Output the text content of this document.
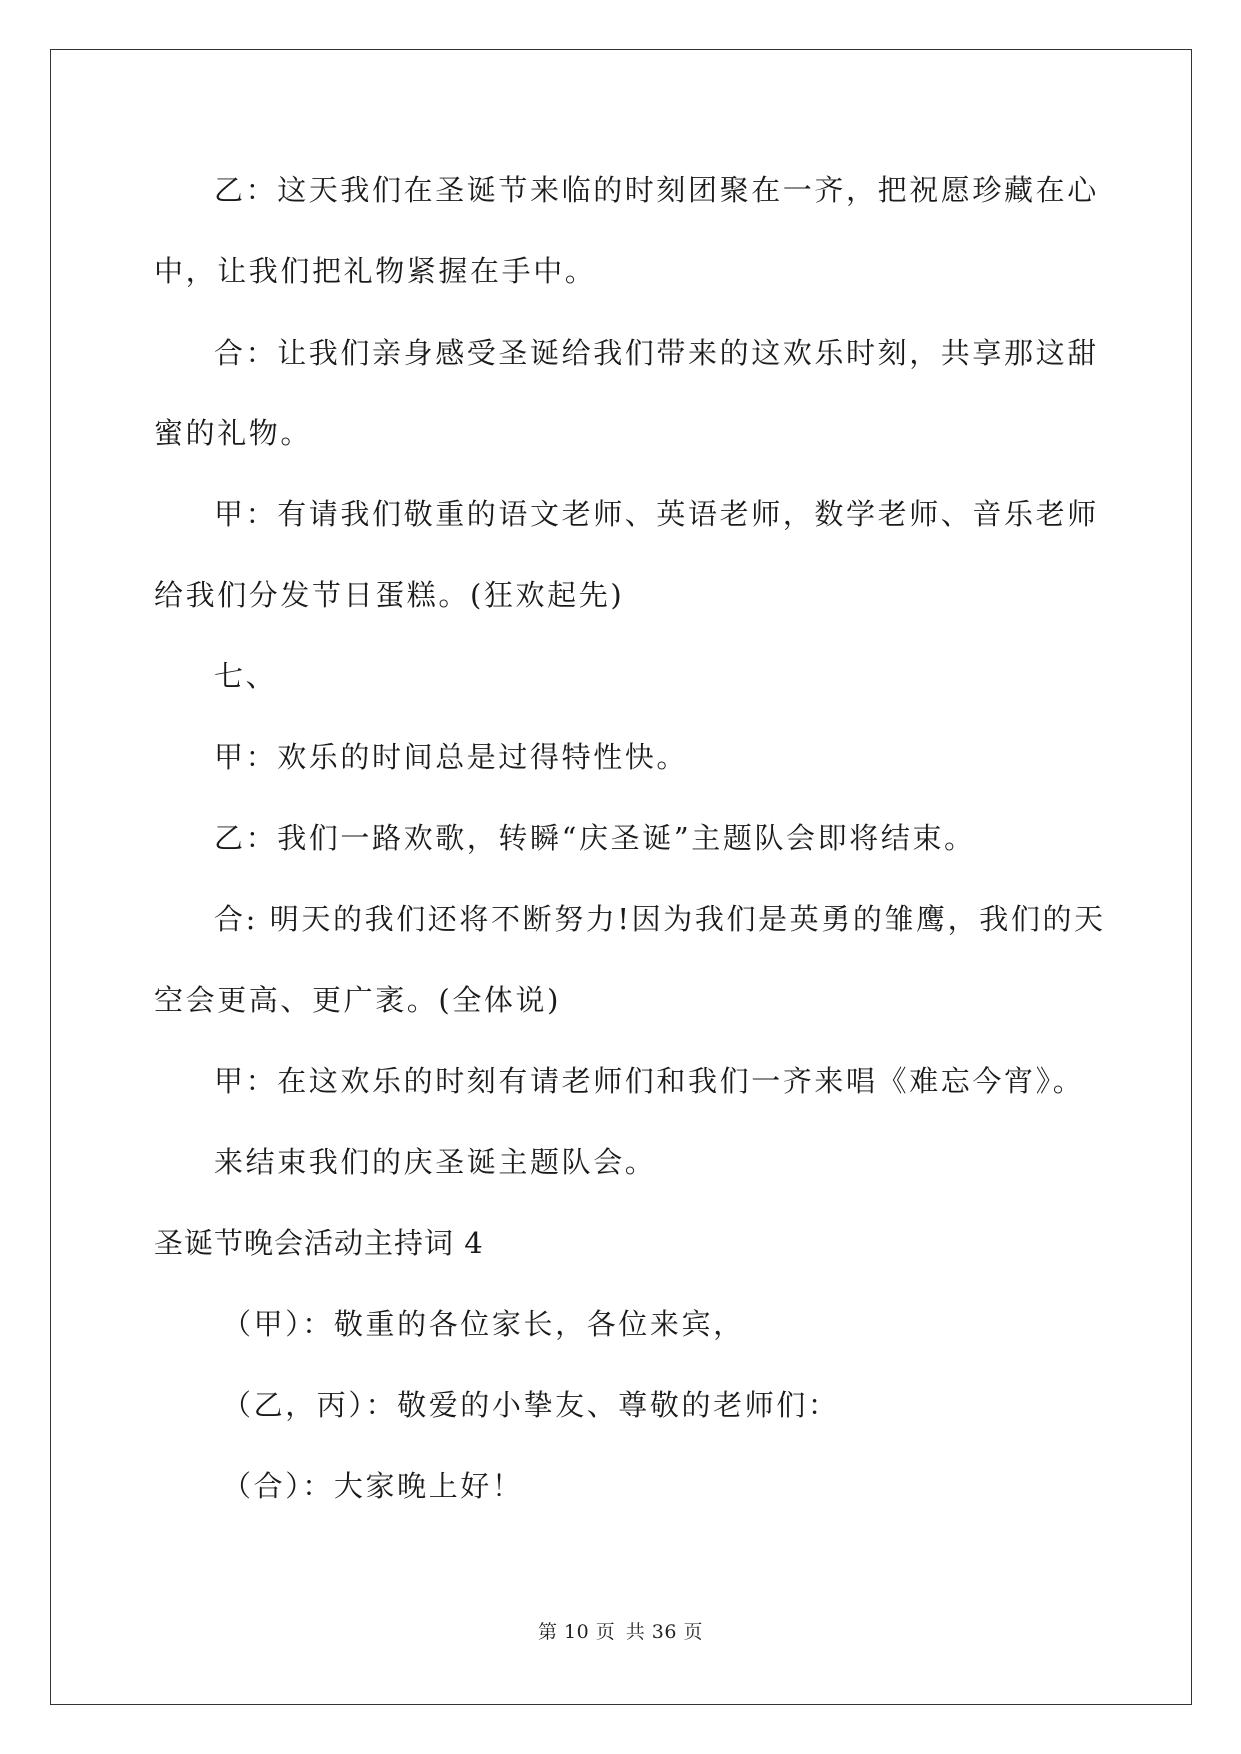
乙：这天我们在圣诞节来临的时刻团聚在一齐，把祝愿珍藏在心
中，让我们把礼物紧握在手中。
合：让我们亲身感受圣诞给我们带来的这欢乐时刻，共享那这甜
蜜的礼物。
甲：有请我们敬重的语文老师、英语老师，数学老师、音乐老师
给我们分发节日蛋糕。(狂欢起先)
七、
甲：欢乐的时间总是过得特性快。
乙：我们一路欢歌，转瞬“庆圣诞”主题队会即将结束。
合: 明天的我们还将不断努力!因为我们是英勇的雏鹰，我们的天
空会更高、更广袤。(全体说)
甲：在这欢乐的时刻有请老师们和我们一齐来唱《难忘今宵》。
来结束我们的庆圣诞主题队会。
圣诞节晚会活动主持词 4
（甲）：敬重的各位家长，各位来宾，
（乙，丙）：敬爱的小挚友、尊敬的老师们：
（合）：大家晚上好！
第 10 页 共 36 页
